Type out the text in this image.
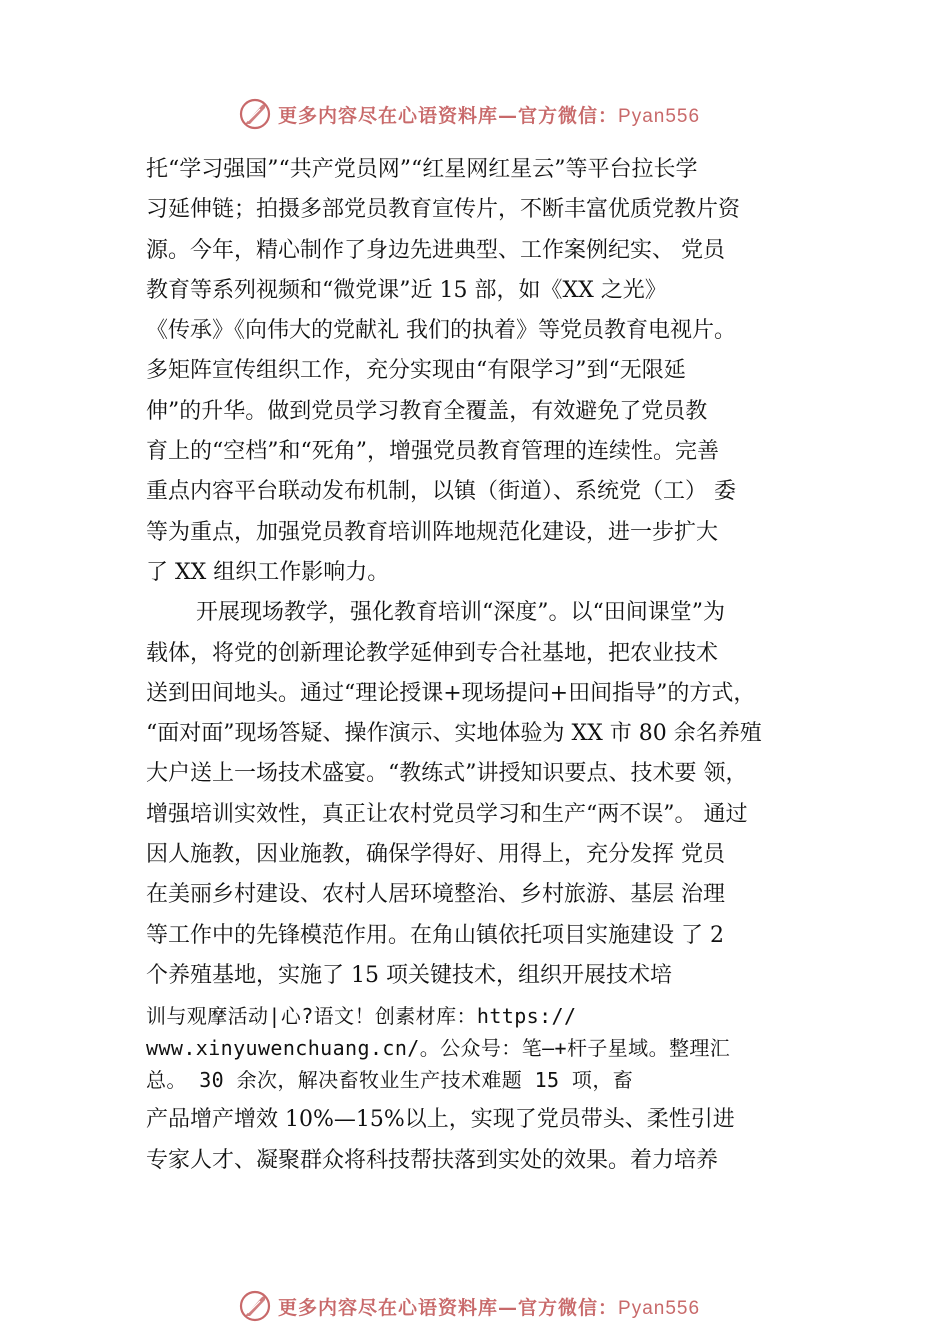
更多内容尽在心语资料库—官方微信：Pyan556
托“学习强国”“共产党员网”“红星网红星云”等平台拉长学
习延伸链；拍摄多部党员教育宣传片，不断丰富优质党教片资
源。今年，精心制作了身边先进典型、工作案例纪实、 党员
教育等系列视频和“微党课”近 15 部，如《XX 之光》
《传承》《向伟大的党献礼 我们的执着》等党员教育电视片。
多矩阵宣传组织工作，充分实现由“有限学习”到“无限延
伸”的升华。做到党员学习教育全覆盖，有效避免了党员教
育上的“空档”和“死角”，增强党员教育管理的连续性。完善
重点内容平台联动发布机制，以镇（街道）、系统党（工） 委
等为重点，加强党员教育培训阵地规范化建设，进一步扩大
了 XX 组织工作影响力。
开展现场教学，强化教育培训“深度”。以“田间课堂”为
载体，将党的创新理论教学延伸到专合社基地，把农业技术
送到田间地头。通过“理论授课+现场提问+田间指导”的方式，
“面对面”现场答疑、操作演示、实地体验为 XX 市 80 余名养殖
大户送上一场技术盛宴。“教练式”讲授知识要点、技术要 领，
增强培训实效性，真正让农村党员学习和生产“两不误”。 通过
因人施教，因业施教，确保学得好、用得上，充分发挥 党员
在美丽乡村建设、农村人居环境整治、乡村旅游、基层 治理
等工作中的先锋模范作用。在角山镇依托项目实施建设 了 2
个养殖基地，实施了 15 项关键技术，组织开展技术培
训与观摩活动|心?语文！创素材库：https://
www.xinyuwenchuang.cn/。公众号：笔—+杆子星域。整理汇
总。 30 余次，解决畜牧业生产技术难题 15 项，畜
产品增产增效 10%—15%以上，实现了党员带头、柔性引进
专家人才、凝聚群众将科技帮扶落到实处的效果。着力培养
更多内容尽在心语资料库—官方微信：Pyan556
